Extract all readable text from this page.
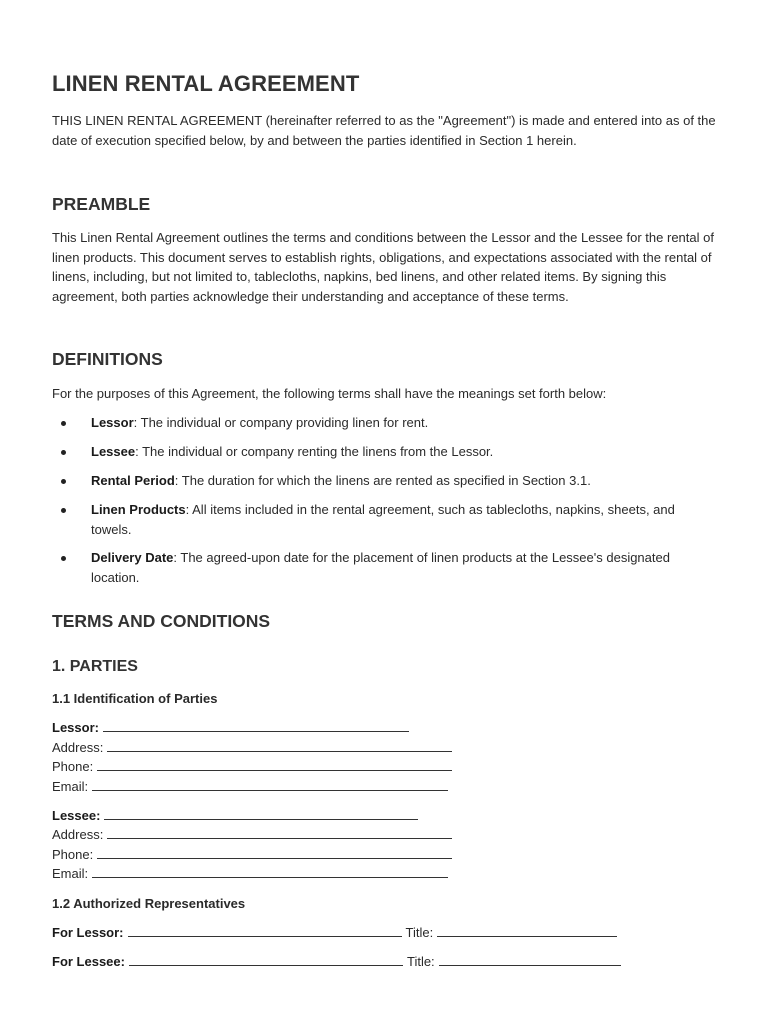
LINEN RENTAL AGREEMENT

THIS LINEN RENTAL AGREEMENT (hereinafter referred to as the "Agreement") is made and entered into as of the date of execution specified below, by and between the parties identified in Section 1 herein.

PREAMBLE

This Linen Rental Agreement outlines the terms and conditions between the Lessor and the Lessee for the rental of linen products. This document serves to establish rights, obligations, and expectations associated with the rental of linens, including, but not limited to, tablecloths, napkins, bed linens, and other related items. By signing this agreement, both parties acknowledge their understanding and acceptance of these terms.

DEFINITIONS

For the purposes of this Agreement, the following terms shall have the meanings set forth below:

Lessor: The individual or company providing linen for rent.
Lessee: The individual or company renting the linens from the Lessor.
Rental Period: The duration for which the linens are rented as specified in Section 3.1.
Linen Products: All items included in the rental agreement, such as tablecloths, napkins, sheets, and towels.
Delivery Date: The agreed-upon date for the placement of linen products at the Lessee's designated location.
TERMS AND CONDITIONS
1. PARTIES
1.1 Identification of Parties
Lessor:
Address:
Phone:
Email:
Lessee:
Address:
Phone:
Email:
1.2 Authorized Representatives
For Lessor:	Title:
For Lessee:	Title:
